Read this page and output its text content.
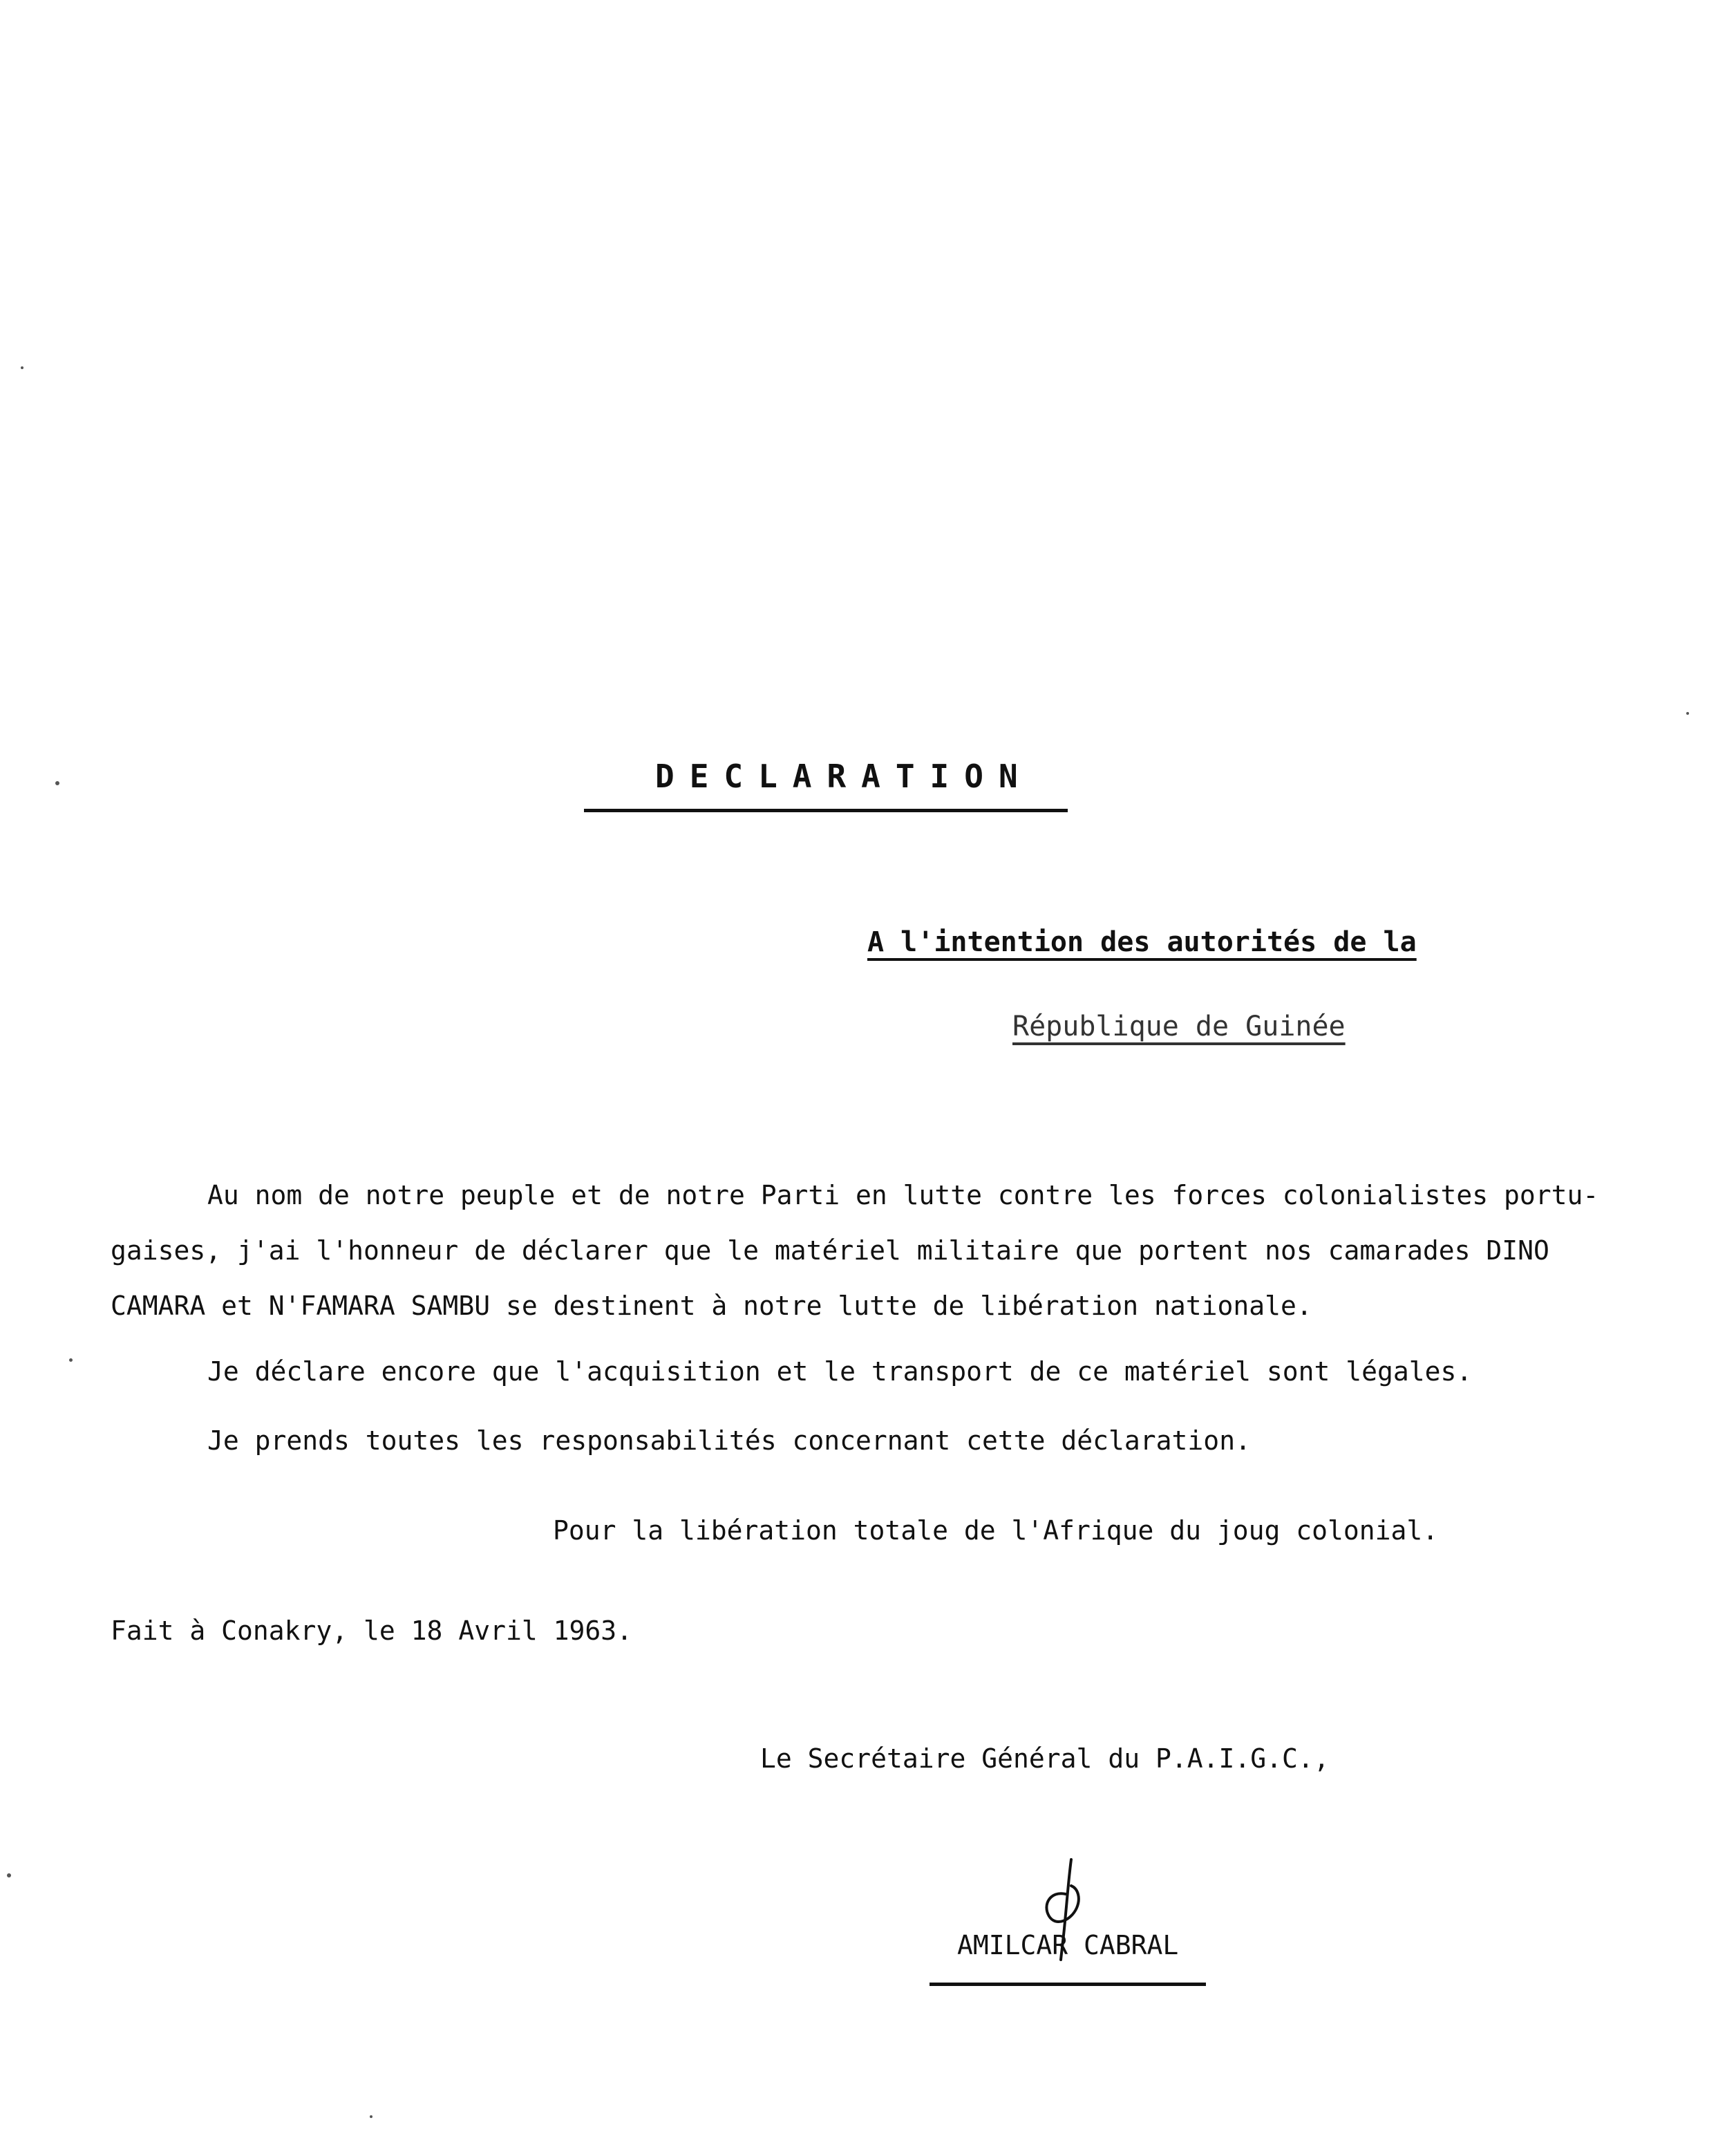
DECLARATION

A l'intention des autorités de la

République de Guinée

Au nom de notre peuple et de notre Parti en lutte contre les forces colonialistes portu-

gaises, j'ai l'honneur de déclarer que le matériel militaire que portent nos camarades DINO

CAMARA et N'FAMARA SAMBU se destinent à notre lutte de libération nationale.

Je déclare encore que l'acquisition et le transport de ce matériel sont légales.

Je prends toutes les responsabilités concernant cette déclaration.

Pour la libération totale de l'Afrique du joug colonial.

Fait à Conakry, le 18 Avril 1963.

Le Secrétaire Général du P.A.I.G.C.,

AMILCAR CABRAL
